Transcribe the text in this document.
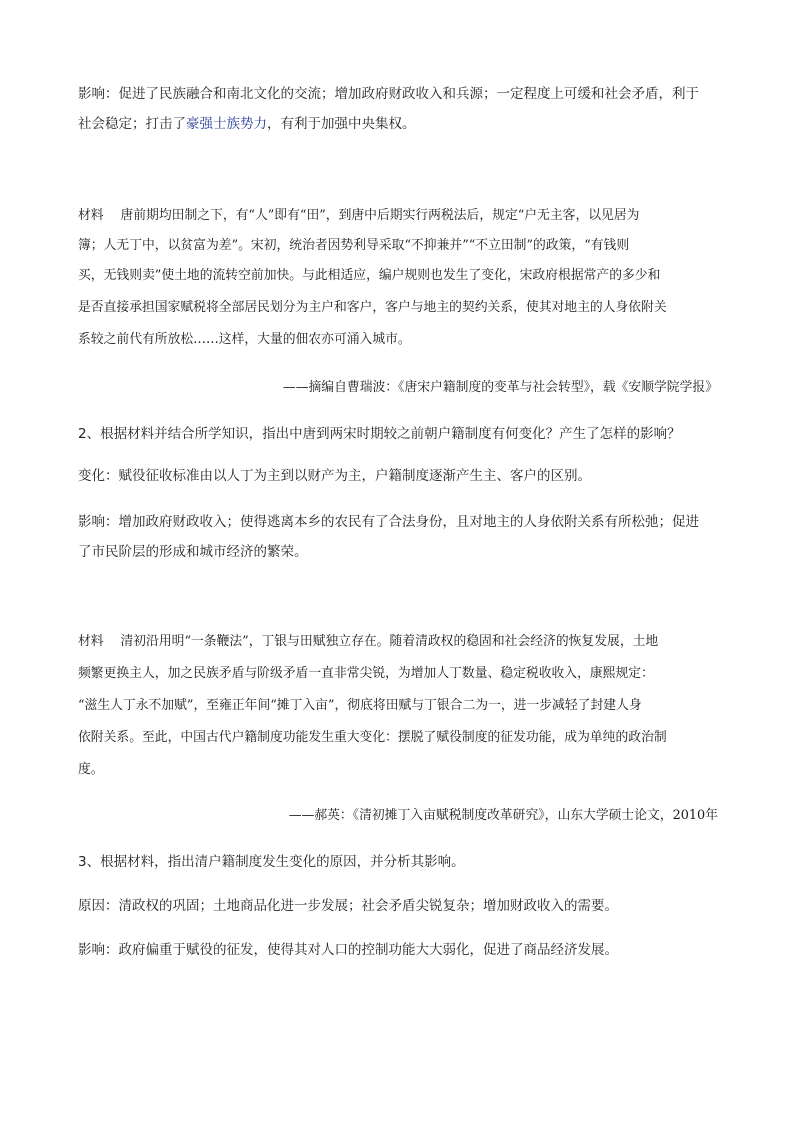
影响：促进了民族融合和南北文化的交流；增加政府财政收入和兵源；一定程度上可缓和社会矛盾，利于
社会稳定；打击了豪强士族势力，有利于加强中央集权。
材料　 唐前期均田制之下，有“人”即有“田”，到唐中后期实行两税法后，规定“户无主客，以见居为
簿；人无丁中，以贫富为差”。宋初，统治者因势利导采取“不抑兼并”“不立田制”的政策，“有钱则
买，无钱则卖”使土地的流转空前加快。与此相适应，编户规则也发生了变化，宋政府根据常产的多少和
是否直接承担国家赋税将全部居民划分为主户和客户，客户与地主的契约关系，使其对地主的人身依附关
系较之前代有所放松……这样，大量的佃农亦可涌入城市。
——摘编自曹瑞波：《唐宋户籍制度的变革与社会转型》，载《安顺学院学报》
2、根据材料并结合所学知识，指出中唐到两宋时期较之前朝户籍制度有何变化？产生了怎样的影响？
变化：赋役征收标准由以人丁为主到以财产为主，户籍制度逐渐产生主、客户的区别。
影响：增加政府财政收入；使得逃离本乡的农民有了合法身份，且对地主的人身依附关系有所松弛；促进
了市民阶层的形成和城市经济的繁荣。
材料　 清初沿用明“一条鞭法”，丁银与田赋独立存在。随着清政权的稳固和社会经济的恢复发展，土地
频繁更换主人，加之民族矛盾与阶级矛盾一直非常尖锐，为增加人丁数量、稳定税收收入，康熙规定：
“滋生人丁永不加赋”，至雍正年间“摊丁入亩”，彻底将田赋与丁银合二为一，进一步减轻了封建人身
依附关系。至此，中国古代户籍制度功能发生重大变化：摆脱了赋役制度的征发功能，成为单纯的政治制
度。
——郝英：《清初摊丁入亩赋税制度改革研究》，山东大学硕士论文，2010年
3、根据材料，指出清户籍制度发生变化的原因，并分析其影响。
原因：清政权的巩固；土地商品化进一步发展；社会矛盾尖锐复杂；增加财政收入的需要。
影响：政府偏重于赋役的征发，使得其对人口的控制功能大大弱化，促进了商品经济发展。
